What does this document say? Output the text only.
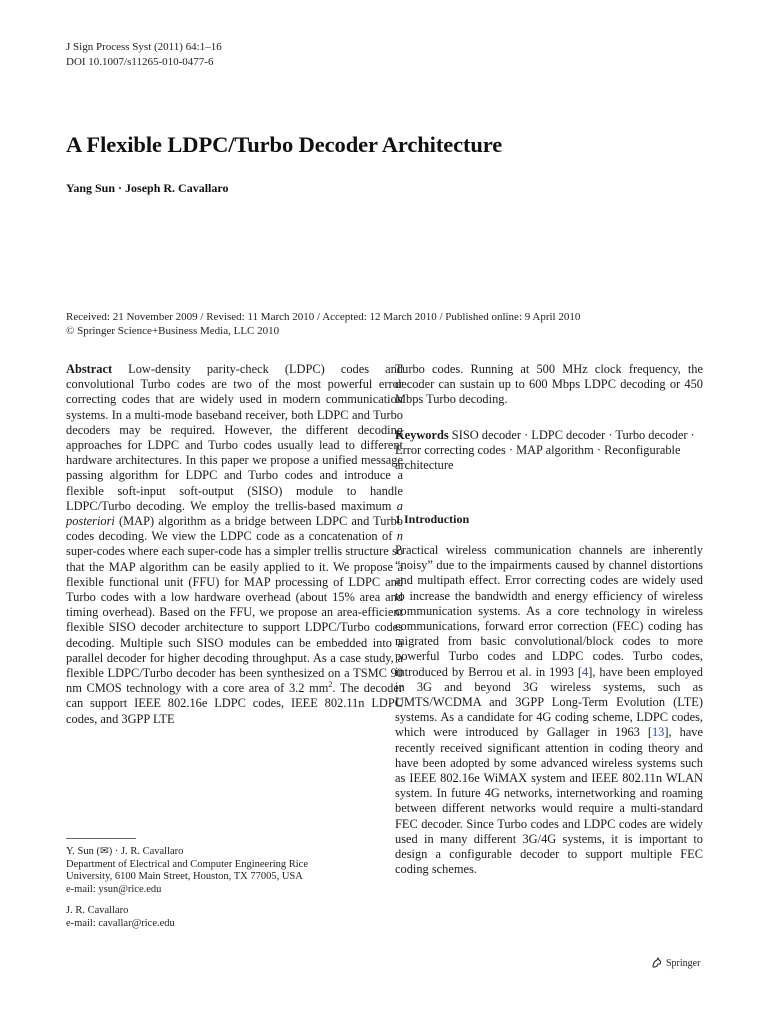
J Sign Process Syst (2011) 64:1–16
DOI 10.1007/s11265-010-0477-6
A Flexible LDPC/Turbo Decoder Architecture
Yang Sun · Joseph R. Cavallaro
Received: 21 November 2009 / Revised: 11 March 2010 / Accepted: 12 March 2010 / Published online: 9 April 2010
© Springer Science+Business Media, LLC 2010

Abstract Low-density parity-check (LDPC) codes and convolutional Turbo codes are two of the most powerful error correcting codes that are widely used in modern communication systems. In a multi-mode baseband receiver, both LDPC and Turbo decoders may be required. However, the different decoding approaches for LDPC and Turbo codes usually lead to different hardware architectures. In this paper we propose a unified message passing algorithm for LDPC and Turbo codes and introduce a flexible soft-input soft-output (SISO) module to handle LDPC/Turbo decoding. We employ the trellis-based maximum a posteriori (MAP) algorithm as a bridge between LDPC and Turbo codes decoding. We view the LDPC code as a concatenation of n super-codes where each super-code has a simpler trellis structure so that the MAP algorithm can be easily applied to it. We propose a flexible functional unit (FFU) for MAP processing of LDPC and Turbo codes with a low hardware overhead (about 15% area and timing overhead). Based on the FFU, we propose an area-efficient flexible SISO decoder architecture to support LDPC/Turbo codes decoding. Multiple such SISO modules can be embedded into a parallel decoder for higher decoding throughput. As a case study, a flexible LDPC/Turbo decoder has been synthesized on a TSMC 90 nm CMOS technology with a core area of 3.2 $mm^2$. The decoder can support IEEE 802.16e LDPC codes, IEEE 802.11n LDPC codes, and 3GPP LTE

Turbo codes. Running at 500 MHz clock frequency, the decoder can sustain up to 600 Mbps LDPC decoding or 450 Mbps Turbo decoding.
Keywords SISO decoder · LDPC decoder · Turbo decoder · Error correcting codes · MAP algorithm · Reconfigurable architecture
1 Introduction
Practical wireless communication channels are inherently “noisy” due to the impairments caused by channel distortions and multipath effect. Error correcting codes are widely used to increase the bandwidth and energy efficiency of wireless communication systems. As a core technology in wireless communications, forward error correction (FEC) coding has migrated from basic convolutional/block codes to more powerful Turbo codes and LDPC codes. Turbo codes, introduced by Berrou et al. in 1993 [4], have been employed in 3G and beyond 3G wireless systems, such as UMTS/WCDMA and 3GPP Long-Term Evolution (LTE) systems. As a candidate for 4G coding scheme, LDPC codes, which were introduced by Gallager in 1963 [13], have recently received significant attention in coding theory and have been adopted by some advanced wireless systems such as IEEE 802.16e WiMAX system and IEEE 802.11n WLAN system. In future 4G networks, internetworking and roaming between different networks would require a multi-standard FEC decoder. Since Turbo codes and LDPC codes are widely used in many different 3G/4G systems, it is important to design a configurable decoder to support multiple FEC coding schemes.
Y. Sun (✉) · J. R. Cavallaro
Department of Electrical and Computer Engineering Rice
University, 6100 Main Street, Houston, TX 77005, USA
e-mail: ysun@rice.edu
J. R. Cavallaro
e-mail: cavallar@rice.edu
Springer
